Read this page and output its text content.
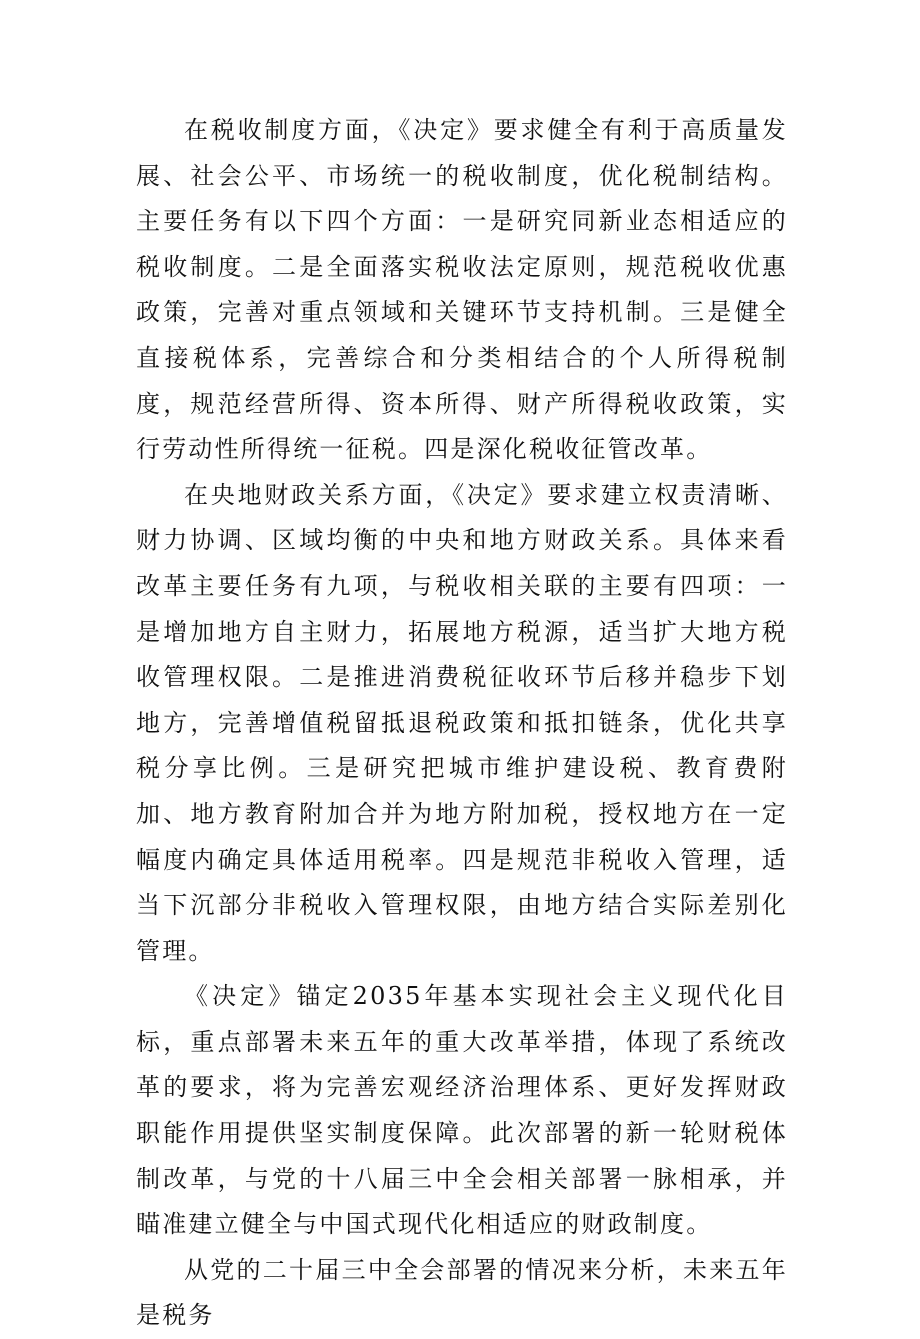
在税收制度方面，《决定》要求健全有利于高质量发展、社会公平、市场统一的税收制度，优化税制结构。主要任务有以下四个方面：一是研究同新业态相适应的税收制度。二是全面落实税收法定原则，规范税收优惠政策，完善对重点领域和关键环节支持机制。三是健全直接税体系，完善综合和分类相结合的个人所得税制度，规范经营所得、资本所得、财产所得税收政策，实行劳动性所得统一征税。四是深化税收征管改革。

在央地财政关系方面，《决定》要求建立权责清晰、财力协调、区域均衡的中央和地方财政关系。具体来看改革主要任务有九项，与税收相关联的主要有四项：一是增加地方自主财力，拓展地方税源，适当扩大地方税收管理权限。二是推进消费税征收环节后移并稳步下划地方，完善增值税留抵退税政策和抵扣链条，优化共享税分享比例。三是研究把城市维护建设税、教育费附加、地方教育附加合并为地方附加税，授权地方在一定幅度内确定具体适用税率。四是规范非税收入管理，适当下沉部分非税收入管理权限，由地方结合实际差别化管理。

《决定》锚定2035年基本实现社会主义现代化目标，重点部署未来五年的重大改革举措，体现了系统改革的要求，将为完善宏观经济治理体系、更好发挥财政职能作用提供坚实制度保障。此次部署的新一轮财税体制改革，与党的十八届三中全会相关部署一脉相承，并瞄准建立健全与中国式现代化相适应的财政制度。

从党的二十届三中全会部署的情况来分析，未来五年是税务
